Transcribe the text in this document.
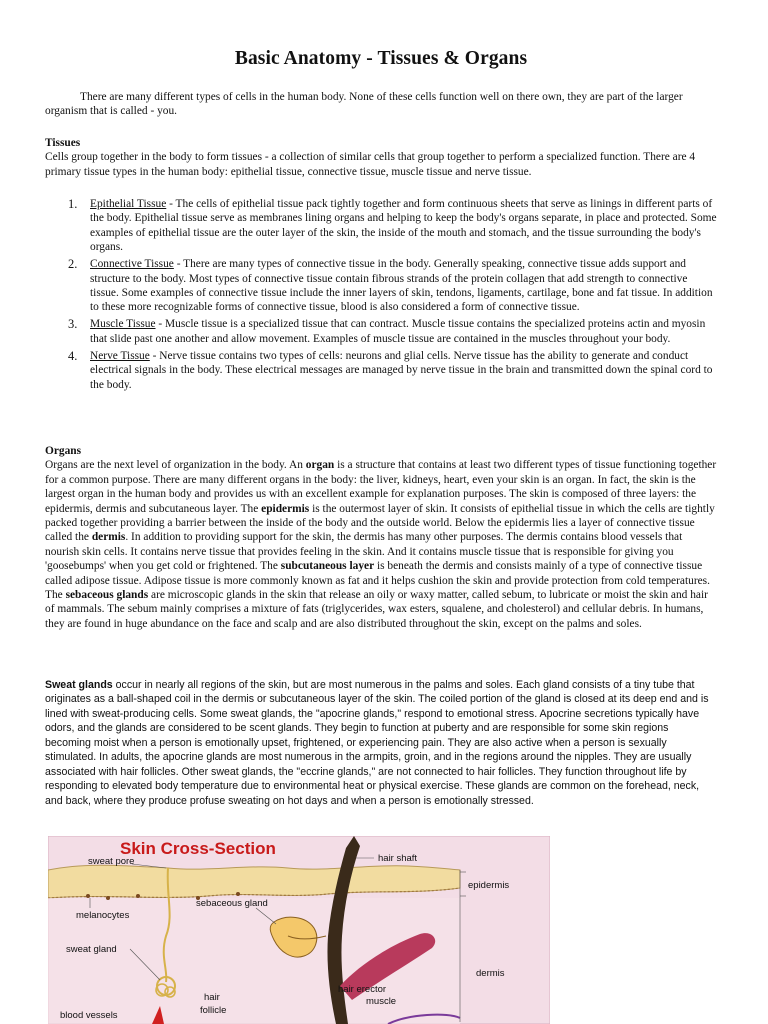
Basic Anatomy - Tissues & Organs

There are many different types of cells in the human body. None of these cells function well on there own, they are part of the larger organism that is called - you.

Tissues

Cells group together in the body to form tissues - a collection of similar cells that group together to perform a specialized function. There are 4 primary tissue types in the human body: epithelial tissue, connective tissue, muscle tissue and nerve tissue.

1. Epithelial Tissue - The cells of epithelial tissue pack tightly together and form continuous sheets that serve as linings in different parts of the body. Epithelial tissue serve as membranes lining organs and helping to keep the body's organs separate, in place and protected. Some examples of epithelial tissue are the outer layer of the skin, the inside of the mouth and stomach, and the tissue surrounding the body's organs.
2. Connective Tissue - There are many types of connective tissue in the body. Generally speaking, connective tissue adds support and structure to the body. Most types of connective tissue contain fibrous strands of the protein collagen that add strength to connective tissue. Some examples of connective tissue include the inner layers of skin, tendons, ligaments, cartilage, bone and fat tissue. In addition to these more recognizable forms of connective tissue, blood is also considered a form of connective tissue.
3. Muscle Tissue - Muscle tissue is a specialized tissue that can contract. Muscle tissue contains the specialized proteins actin and myosin that slide past one another and allow movement. Examples of muscle tissue are contained in the muscles throughout your body.
4. Nerve Tissue - Nerve tissue contains two types of cells: neurons and glial cells. Nerve tissue has the ability to generate and conduct electrical signals in the body. These electrical messages are managed by nerve tissue in the brain and transmitted down the spinal cord to the body.
Organs

Organs are the next level of organization in the body. An organ is a structure that contains at least two different types of tissue functioning together for a common purpose. There are many different organs in the body: the liver, kidneys, heart, even your skin is an organ. In fact, the skin is the largest organ in the human body and provides us with an excellent example for explanation purposes. The skin is composed of three layers: the epidermis, dermis and subcutaneous layer. The epidermis is the outermost layer of skin. It consists of epithelial tissue in which the cells are tightly packed together providing a barrier between the inside of the body and the outside world. Below the epidermis lies a layer of connective tissue called the dermis. In addition to providing support for the skin, the dermis has many other purposes. The dermis contains blood vessels that nourish skin cells. It contains nerve tissue that provides feeling in the skin. And it contains muscle tissue that is responsible for giving you 'goosebumps' when you get cold or frightened. The subcutaneous layer is beneath the dermis and consists mainly of a type of connective tissue called adipose tissue. Adipose tissue is more commonly known as fat and it helps cushion the skin and provide protection from cold temperatures. The sebaceous glands are microscopic glands in the skin that release an oily or waxy matter, called sebum, to lubricate or moist the skin and hair of mammals. The sebum mainly comprises a mixture of fats (triglycerides, wax esters, squalene, and cholesterol) and cellular debris. In humans, they are found in huge abundance on the face and scalp and are also distributed throughout the skin, except on the palms and soles.

Sweat glands occur in nearly all regions of the skin, but are most numerous in the palms and soles. Each gland consists of a tiny tube that originates as a ball-shaped coil in the dermis or subcutaneous layer of the skin. The coiled portion of the gland is closed at its deep end and is lined with sweat-producing cells. Some sweat glands, the "apocrine glands," respond to emotional stress. Apocrine secretions typically have odors, and the glands are considered to be scent glands. They begin to function at puberty and are responsible for some skin regions becoming moist when a person is emotionally upset, frightened, or experiencing pain. They are also active when a person is sexually stimulated. In adults, the apocrine glands are most numerous in the armpits, groin, and in the regions around the nipples. They are usually associated with hair follicles. Other sweat glands, the "eccrine glands," are not connected to hair follicles. They function throughout life by responding to elevated body temperature due to environmental heat or physical exercise. These glands are common on the forehead, neck, and back, where they produce profuse sweating on hot days and when a person is emotionally stressed.

Skin Cross-Section
sweat pore	hair shaft
epidermis
melanocytes
sebaceous gland
sweat gland
dermis
hair
follicle
hair erector
muscle
blood vessels
